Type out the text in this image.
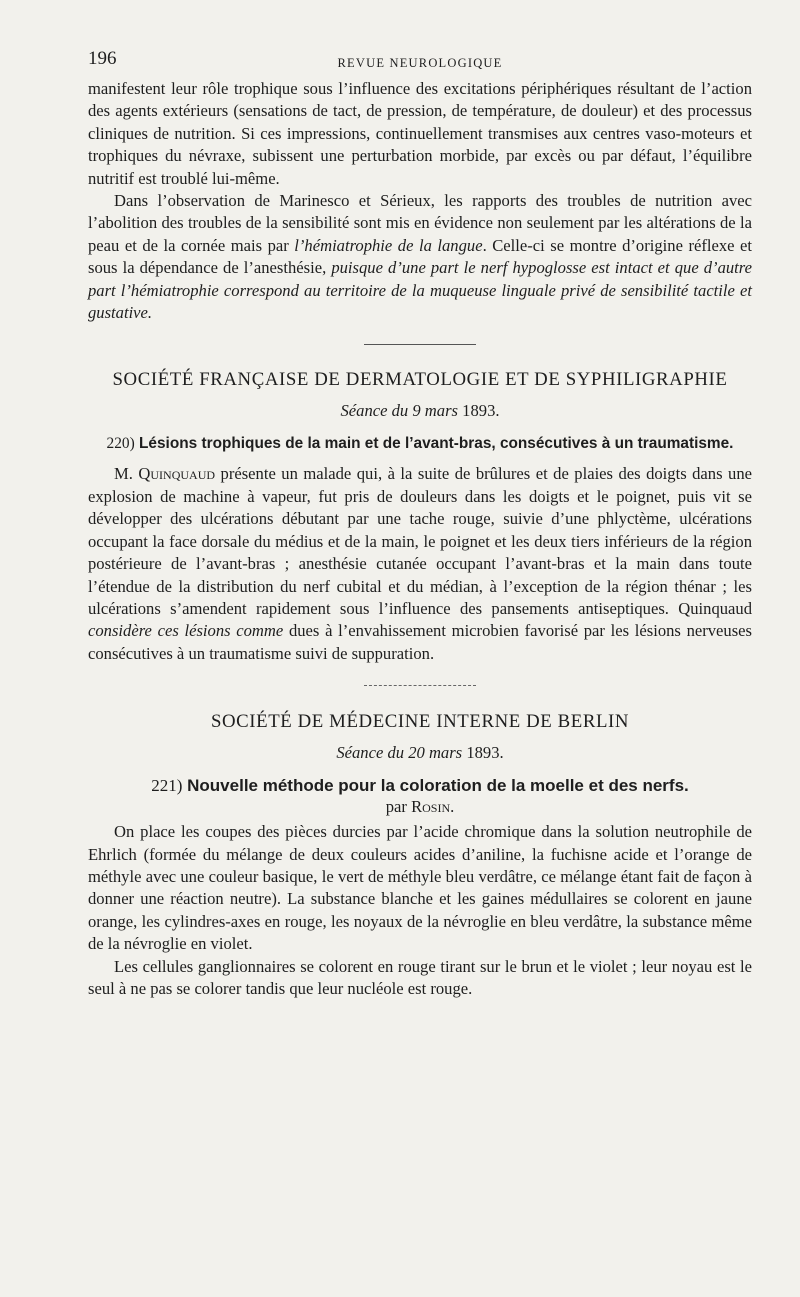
196	REVUE NEUROLOGIQUE

manifestent leur rôle trophique sous l’influence des excitations périphériques résultant de l’action des agents extérieurs (sensations de tact, de pression, de température, de douleur) et des processus cliniques de nutrition. Si ces impressions, continuellement transmises aux centres vaso-moteurs et trophiques du névraxe, subissent une perturbation morbide, par excès ou par défaut, l’équilibre nutritif est troublé lui-même.

Dans l’observation de Marinesco et Sérieux, les rapports des troubles de nutrition avec l’abolition des troubles de la sensibilité sont mis en évidence non seulement par les altérations de la peau et de la cornée mais par l’hémiatrophie de la langue. Celle-ci se montre d’origine réflexe et sous la dépendance de l’anesthésie, puisque d’une part le nerf hypoglosse est intact et que d’autre part l’hémiatrophie correspond au territoire de la muqueuse linguale privé de sensibilité tactile et gustative.

SOCIÉTÉ FRANÇAISE DE DERMATOLOGIE ET DE SYPHILIGRAPHIE
Séance du 9 mars 1893.
220) Lésions trophiques de la main et de l’avant-bras, consécutives à un traumatisme.

M. Quinquaud présente un malade qui, à la suite de brûlures et de plaies des doigts dans une explosion de machine à vapeur, fut pris de douleurs dans les doigts et le poignet, puis vit se développer des ulcérations débutant par une tache rouge, suivie d’une phlyctème, ulcérations occupant la face dorsale du médius et de la main, le poignet et les deux tiers inférieurs de la région postérieure de l’avant-bras ; anesthésie cutanée occupant l’avant-bras et la main dans toute l’étendue de la distribution du nerf cubital et du médian, à l’exception de la région thénar ; les ulcérations s’amendent rapidement sous l’influence des pansements antiseptiques. Quinquaud considère ces lésions comme dues à l’envahissement microbien favorisé par les lésions nerveuses consécutives à un traumatisme suivi de suppuration.

SOCIÉTÉ DE MÉDECINE INTERNE DE BERLIN
Séance du 20 mars 1893.
221) Nouvelle méthode pour la coloration de la moelle et des nerfs.
par Rosin.

On place les coupes des pièces durcies par l’acide chromique dans la solution neutrophile de Ehrlich (formée du mélange de deux couleurs acides d’aniline, la fuchisne acide et l’orange de méthyle avec une couleur basique, le vert de méthyle bleu verdâtre, ce mélange étant fait de façon à donner une réaction neutre). La substance blanche et les gaines médullaires se colorent en jaune orange, les cylindres-axes en rouge, les noyaux de la névroglie en bleu verdâtre, la substance même de la névroglie en violet.

Les cellules ganglionnaires se colorent en rouge tirant sur le brun et le violet ; leur noyau est le seul à ne pas se colorer tandis que leur nucléole est rouge.
